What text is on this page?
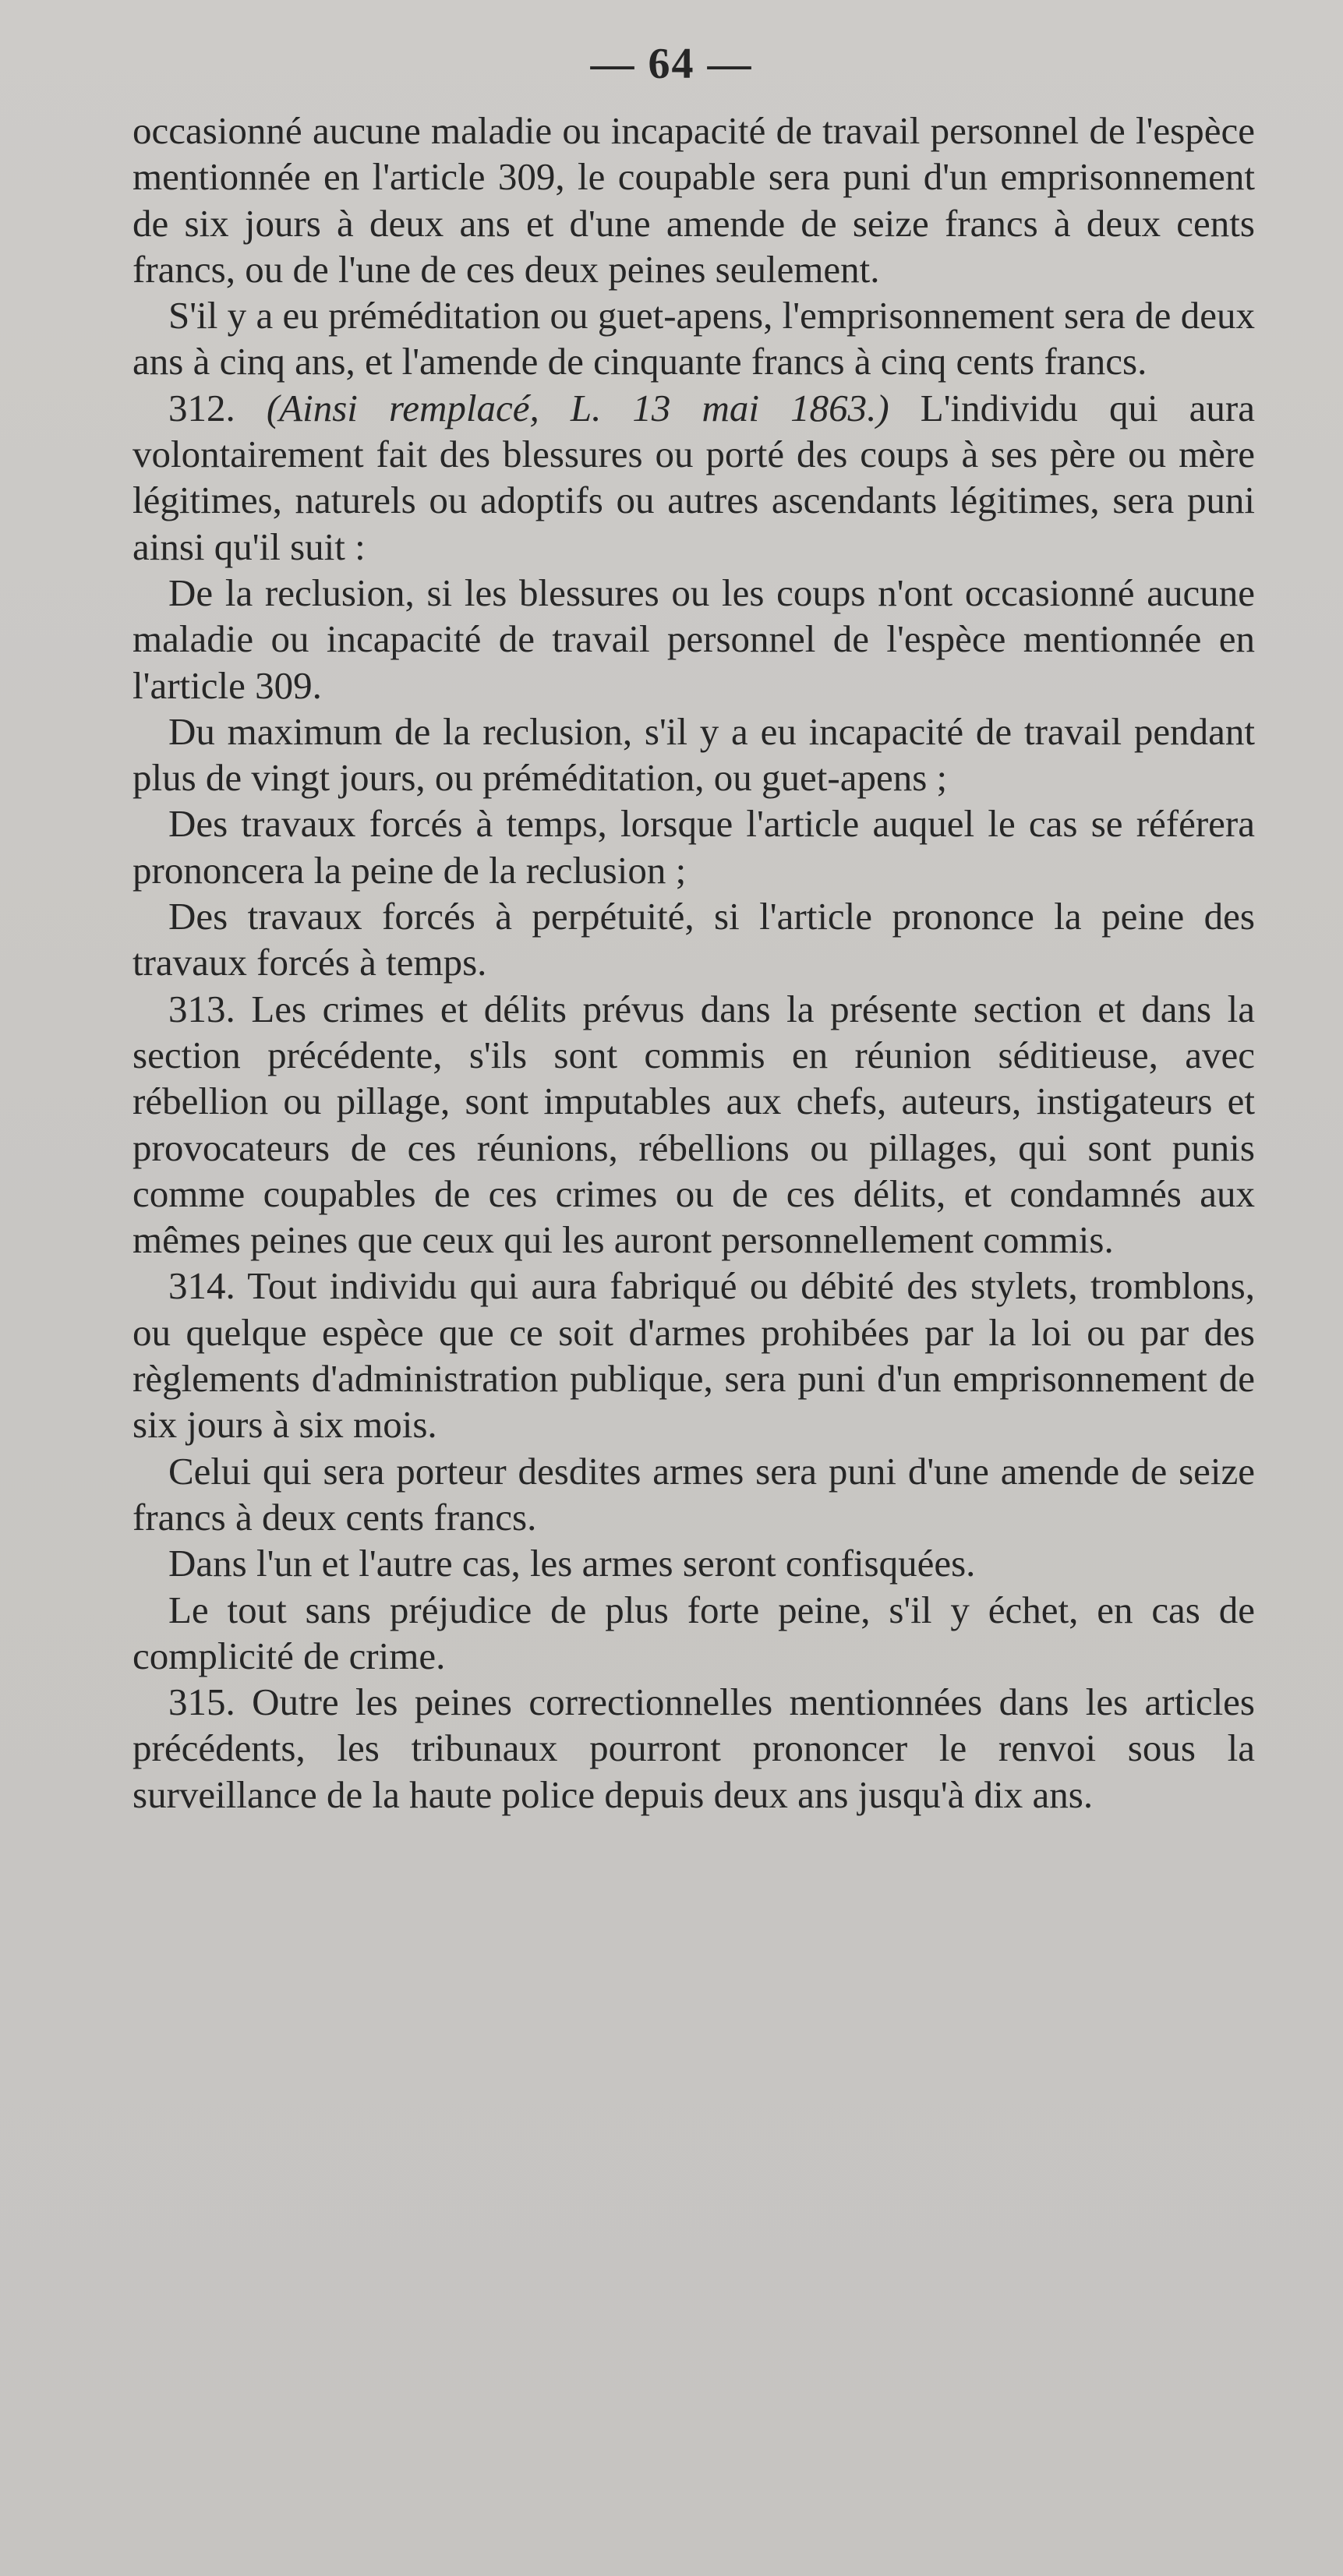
— 64 —

occasionné aucune maladie ou incapacité de travail personnel de l'espèce mentionnée en l'article 309, le coupable sera puni d'un emprisonnement de six jours à deux ans et d'une amende de seize francs à deux cents francs, ou de l'une de ces deux peines seulement.

S'il y a eu préméditation ou guet-apens, l'emprisonnement sera de deux ans à cinq ans, et l'amende de cinquante francs à cinq cents francs.

312. (Ainsi remplacé, L. 13 mai 1863.) L'individu qui aura volontairement fait des blessures ou porté des coups à ses père ou mère légitimes, naturels ou adoptifs ou autres ascendants légitimes, sera puni ainsi qu'il suit :

De la reclusion, si les blessures ou les coups n'ont occasionné aucune maladie ou incapacité de travail personnel de l'espèce mentionnée en l'article 309.

Du maximum de la reclusion, s'il y a eu incapacité de travail pendant plus de vingt jours, ou préméditation, ou guet-apens ;

Des travaux forcés à temps, lorsque l'article auquel le cas se référera prononcera la peine de la reclusion ;

Des travaux forcés à perpétuité, si l'article prononce la peine des travaux forcés à temps.

313. Les crimes et délits prévus dans la présente section et dans la section précédente, s'ils sont commis en réunion séditieuse, avec rébellion ou pillage, sont imputables aux chefs, auteurs, instigateurs et provocateurs de ces réunions, rébellions ou pillages, qui sont punis comme coupables de ces crimes ou de ces délits, et condamnés aux mêmes peines que ceux qui les auront personnellement commis.

314. Tout individu qui aura fabriqué ou débité des stylets, tromblons, ou quelque espèce que ce soit d'armes prohibées par la loi ou par des règlements d'administration publique, sera puni d'un emprisonnement de six jours à six mois.

Celui qui sera porteur desdites armes sera puni d'une amende de seize francs à deux cents francs.

Dans l'un et l'autre cas, les armes seront confisquées.

Le tout sans préjudice de plus forte peine, s'il y échet, en cas de complicité de crime.

315. Outre les peines correctionnelles mentionnées dans les articles précédents, les tribunaux pourront prononcer le renvoi sous la surveillance de la haute police depuis deux ans jusqu'à dix ans.
